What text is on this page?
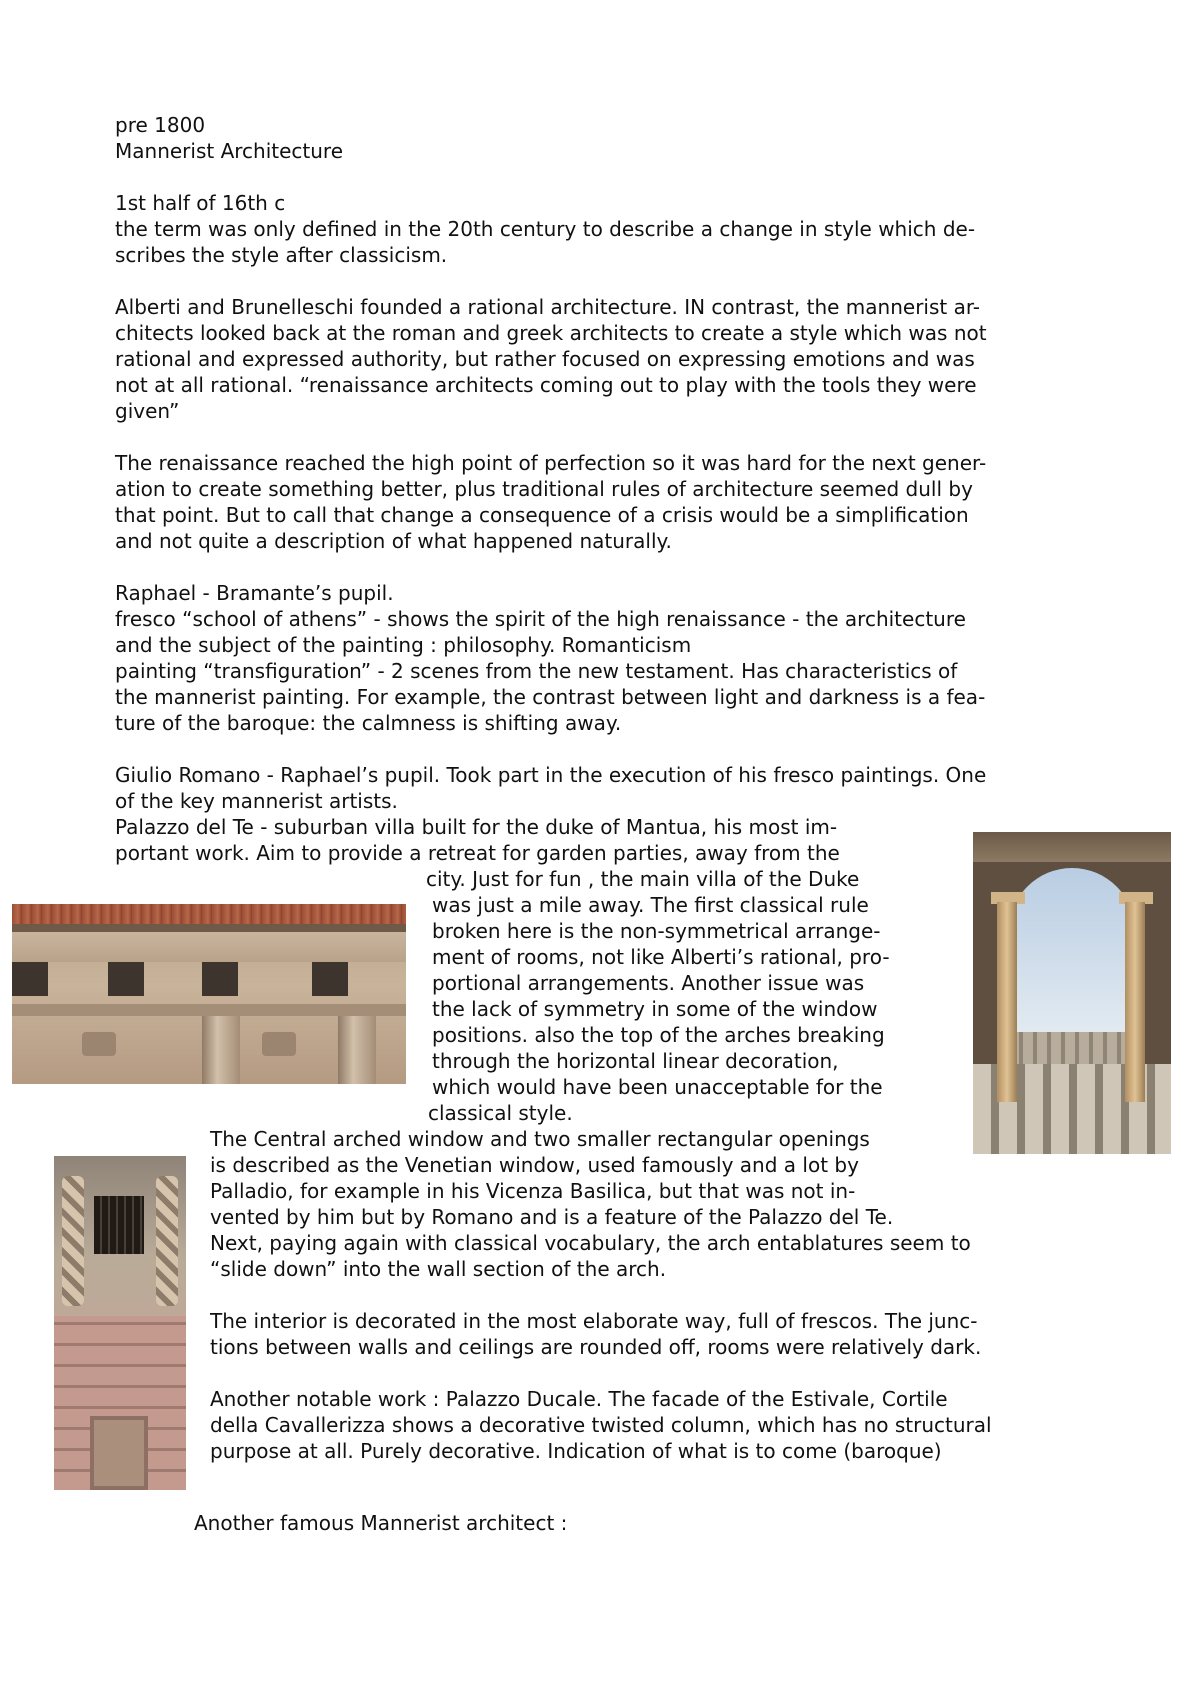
pre 1800
Mannerist Architecture
1st half of 16th c
the term was only defined in the 20th century to describe a change in style which de-
scribes the style after classicism.
Alberti and Brunelleschi founded a rational architecture. IN contrast, the mannerist ar-
chitects looked back at the roman and greek architects to create a style which was not
rational and expressed authority, but rather focused on expressing emotions and was
not at all rational. “renaissance architects coming out to play with the tools they were
given”
The renaissance reached the high point of perfection so it was hard for the next gener-
ation to create something better, plus traditional rules of architecture seemed dull by
that point. But to call that change a consequence of a crisis would be a simplification
and not quite a description of what happened naturally.
Raphael - Bramante’s pupil.
fresco “school of athens” - shows the spirit of the high renaissance - the architecture
and the subject of the painting : philosophy. Romanticism
painting “transfiguration” - 2 scenes from the new testament. Has characteristics of
the mannerist painting. For example, the contrast between light and darkness is a fea-
ture of the baroque: the calmness is shifting away.
Giulio Romano - Raphael’s pupil. Took part in the execution of his fresco paintings. One
of the key mannerist artists.
Palazzo del Te - suburban villa built for the duke of Mantua, his most im-
portant work. Aim to provide a retreat for garden parties, away from the
city. Just for fun , the main villa of the Duke
was just a mile away. The first classical rule
broken here is the non-symmetrical arrange-
ment of rooms, not like Alberti’s rational, pro-
portional arrangements. Another issue was
the lack of symmetry in some of the window
positions. also the top of the arches breaking
through the horizontal linear decoration,
which would have been unacceptable for the
classical style.
The Central arched window and two smaller rectangular openings
is described as the Venetian window, used famously and a lot by
Palladio, for example in his Vicenza Basilica, but that was not in-
vented by him but by Romano and is a feature of the Palazzo del Te.
Next, paying again with classical vocabulary, the arch entablatures seem to
“slide down” into the wall section of the arch.
The interior is decorated in the most elaborate way, full of frescos. The junc-
tions between walls and ceilings are rounded off, rooms were relatively dark.
Another notable work : Palazzo Ducale. The facade of the Estivale, Cortile
della Cavallerizza shows a decorative twisted column, which has no structural
purpose at all. Purely decorative. Indication of what is to come (baroque)
Another famous Mannerist architect :
